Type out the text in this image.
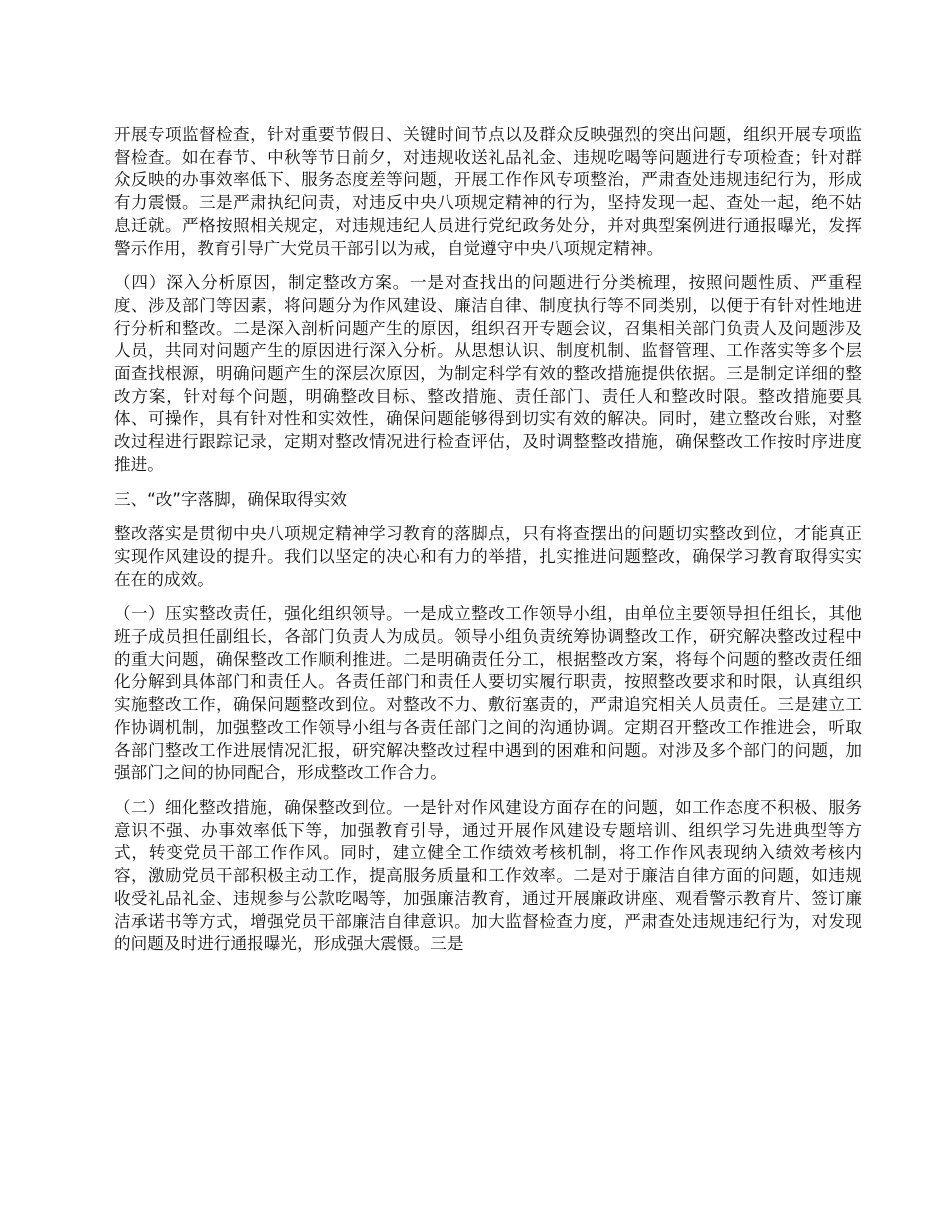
开展专项监督检查，针对重要节假日、关键时间节点以及群众反映强烈的突出问题，组织开展专项监督检查。如在春节、中秋等节日前夕，对违规收送礼品礼金、违规吃喝等问题进行专项检查；针对群众反映的办事效率低下、服务态度差等问题，开展工作作风专项整治，严肃查处违规违纪行为，形成有力震慑。三是严肃执纪问责，对违反中央八项规定精神的行为，坚持发现一起、查处一起，绝不姑息迁就。严格按照相关规定，对违规违纪人员进行党纪政务处分，并对典型案例进行通报曝光，发挥警示作用，教育引导广大党员干部引以为戒，自觉遵守中央八项规定精神。

（四）深入分析原因，制定整改方案。一是对查找出的问题进行分类梳理，按照问题性质、严重程度、涉及部门等因素，将问题分为作风建设、廉洁自律、制度执行等不同类别，以便于有针对性地进行分析和整改。二是深入剖析问题产生的原因，组织召开专题会议，召集相关部门负责人及问题涉及人员，共同对问题产生的原因进行深入分析。从思想认识、制度机制、监督管理、工作落实等多个层面查找根源，明确问题产生的深层次原因，为制定科学有效的整改措施提供依据。三是制定详细的整改方案，针对每个问题，明确整改目标、整改措施、责任部门、责任人和整改时限。整改措施要具体、可操作，具有针对性和实效性，确保问题能够得到切实有效的解决。同时，建立整改台账，对整改过程进行跟踪记录，定期对整改情况进行检查评估，及时调整整改措施，确保整改工作按时序进度推进。

三、“改”字落脚，确保取得实效

整改落实是贯彻中央八项规定精神学习教育的落脚点，只有将查摆出的问题切实整改到位，才能真正实现作风建设的提升。我们以坚定的决心和有力的举措，扎实推进问题整改，确保学习教育取得实实在在的成效。

（一）压实整改责任，强化组织领导。一是成立整改工作领导小组，由单位主要领导担任组长，其他班子成员担任副组长，各部门负责人为成员。领导小组负责统筹协调整改工作，研究解决整改过程中的重大问题，确保整改工作顺利推进。二是明确责任分工，根据整改方案，将每个问题的整改责任细化分解到具体部门和责任人。各责任部门和责任人要切实履行职责，按照整改要求和时限，认真组织实施整改工作，确保问题整改到位。对整改不力、敷衍塞责的，严肃追究相关人员责任。三是建立工作协调机制，加强整改工作领导小组与各责任部门之间的沟通协调。定期召开整改工作推进会，听取各部门整改工作进展情况汇报，研究解决整改过程中遇到的困难和问题。对涉及多个部门的问题，加强部门之间的协同配合，形成整改工作合力。

（二）细化整改措施，确保整改到位。一是针对作风建设方面存在的问题，如工作态度不积极、服务意识不强、办事效率低下等，加强教育引导，通过开展作风建设专题培训、组织学习先进典型等方式，转变党员干部工作作风。同时，建立健全工作绩效考核机制，将工作作风表现纳入绩效考核内容，激励党员干部积极主动工作，提高服务质量和工作效率。二是对于廉洁自律方面的问题，如违规收受礼品礼金、违规参与公款吃喝等，加强廉洁教育，通过开展廉政讲座、观看警示教育片、签订廉洁承诺书等方式，增强党员干部廉洁自律意识。加大监督检查力度，严肃查处违规违纪行为，对发现的问题及时进行通报曝光，形成强大震慑。三是
